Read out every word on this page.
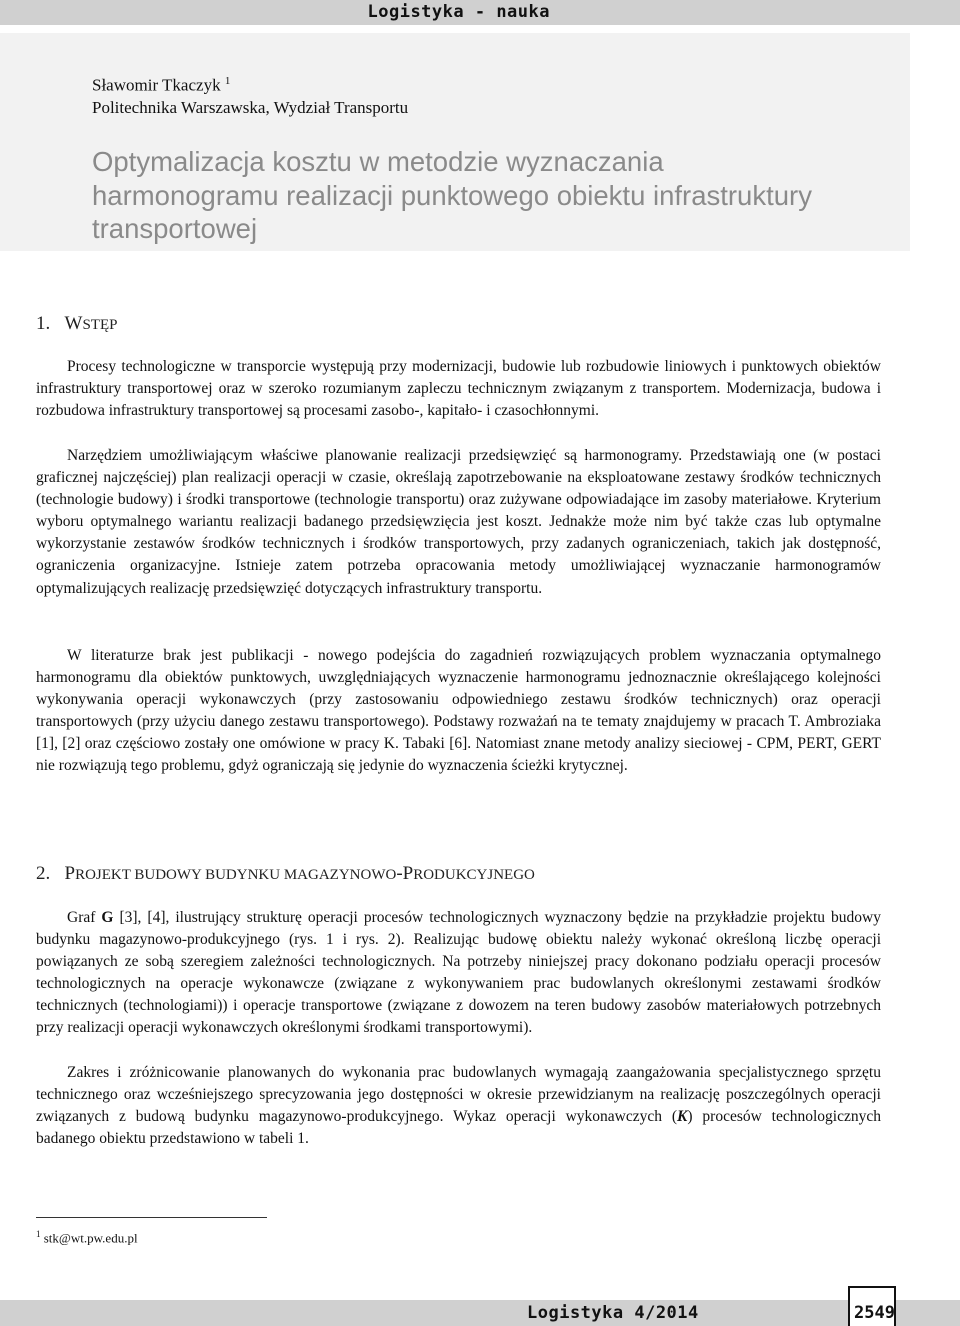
Logistyka - nauka
Sławomir Tkaczyk $^1$
Politechnika Warszawska, Wydział Transportu
Optymalizacja kosztu w metodzie wyznaczania
harmonogramu realizacji punktowego obiektu infrastruktury
transportowej
1. WSTĘP

Procesy technologiczne w transporcie występują przy modernizacji, budowie lub rozbudowie liniowych i punktowych obiektów infrastruktury transportowej oraz w szeroko rozumianym zapleczu technicznym związanym z transportem. Modernizacja, budowa i rozbudowa infrastruktury transportowej są procesami zasobo-, kapitało- i czasochłonnymi.

Narzędziem umożliwiającym właściwe planowanie realizacji przedsięwzięć są harmonogramy. Przedstawiają one (w postaci graficznej najczęściej) plan realizacji operacji w czasie, określają zapotrzebowanie na eksploatowane zestawy środków technicznych (technologie budowy) i środki transportowe (technologie transportu) oraz zużywane odpowiadające im zasoby materiałowe. Kryterium wyboru optymalnego wariantu realizacji badanego przedsięwzięcia jest koszt. Jednakże może nim być także czas lub optymalne wykorzystanie zestawów środków technicznych i środków transportowych, przy zadanych ograniczeniach, takich jak dostępność, ograniczenia organizacyjne. Istnieje zatem potrzeba opracowania metody umożliwiającej wyznaczanie harmonogramów optymalizujących realizację przedsięwzięć dotyczących infrastruktury transportu.

W literaturze brak jest publikacji - nowego podejścia do zagadnień rozwiązujących problem wyznaczania optymalnego harmonogramu dla obiektów punktowych, uwzględniających wyznaczenie harmonogramu jednoznacznie określającego kolejności wykonywania operacji wykonawczych (przy zastosowaniu odpowiedniego zestawu środków technicznych) oraz operacji transportowych (przy użyciu danego zestawu transportowego). Podstawy rozważań na te tematy znajdujemy w pracach T. Ambroziaka [1], [2] oraz częściowo zostały one omówione w pracy K. Tabaki [6]. Natomiast znane metody analizy sieciowej - CPM, PERT, GERT nie rozwiązują tego problemu, gdyż ograniczają się jedynie do wyznaczenia ścieżki krytycznej.

2. PROJEKT BUDOWY BUDYNKU MAGAZYNOWO-PRODUKCYJNEGO

Graf G [3], [4], ilustrujący strukturę operacji procesów technologicznych wyznaczony będzie na przykładzie projektu budowy budynku magazynowo-produkcyjnego (rys. 1 i rys. 2). Realizując budowę obiektu należy wykonać określoną liczbę operacji powiązanych ze sobą szeregiem zależności technologicznych. Na potrzeby niniejszej pracy dokonano podziału operacji procesów technologicznych na operacje wykonawcze (związane z wykonywaniem prac budowlanych określonymi zestawami środków technicznych (technologiami)) i operacje transportowe (związane z dowozem na teren budowy zasobów materiałowych potrzebnych przy realizacji operacji wykonawczych określonymi środkami transportowymi).

Zakres i zróżnicowanie planowanych do wykonania prac budowlanych wymagają zaangażowania specjalistycznego sprzętu technicznego oraz wcześniejszego sprecyzowania jego dostępności w okresie przewidzianym na realizację poszczególnych operacji związanych z budową budynku magazynowo-produkcyjnego. Wykaz operacji wykonawczych (K) procesów technologicznych badanego obiektu przedstawiono w tabeli 1.

$^1$ stk@wt.pw.edu.pl
Logistyka 4/2014	2549
